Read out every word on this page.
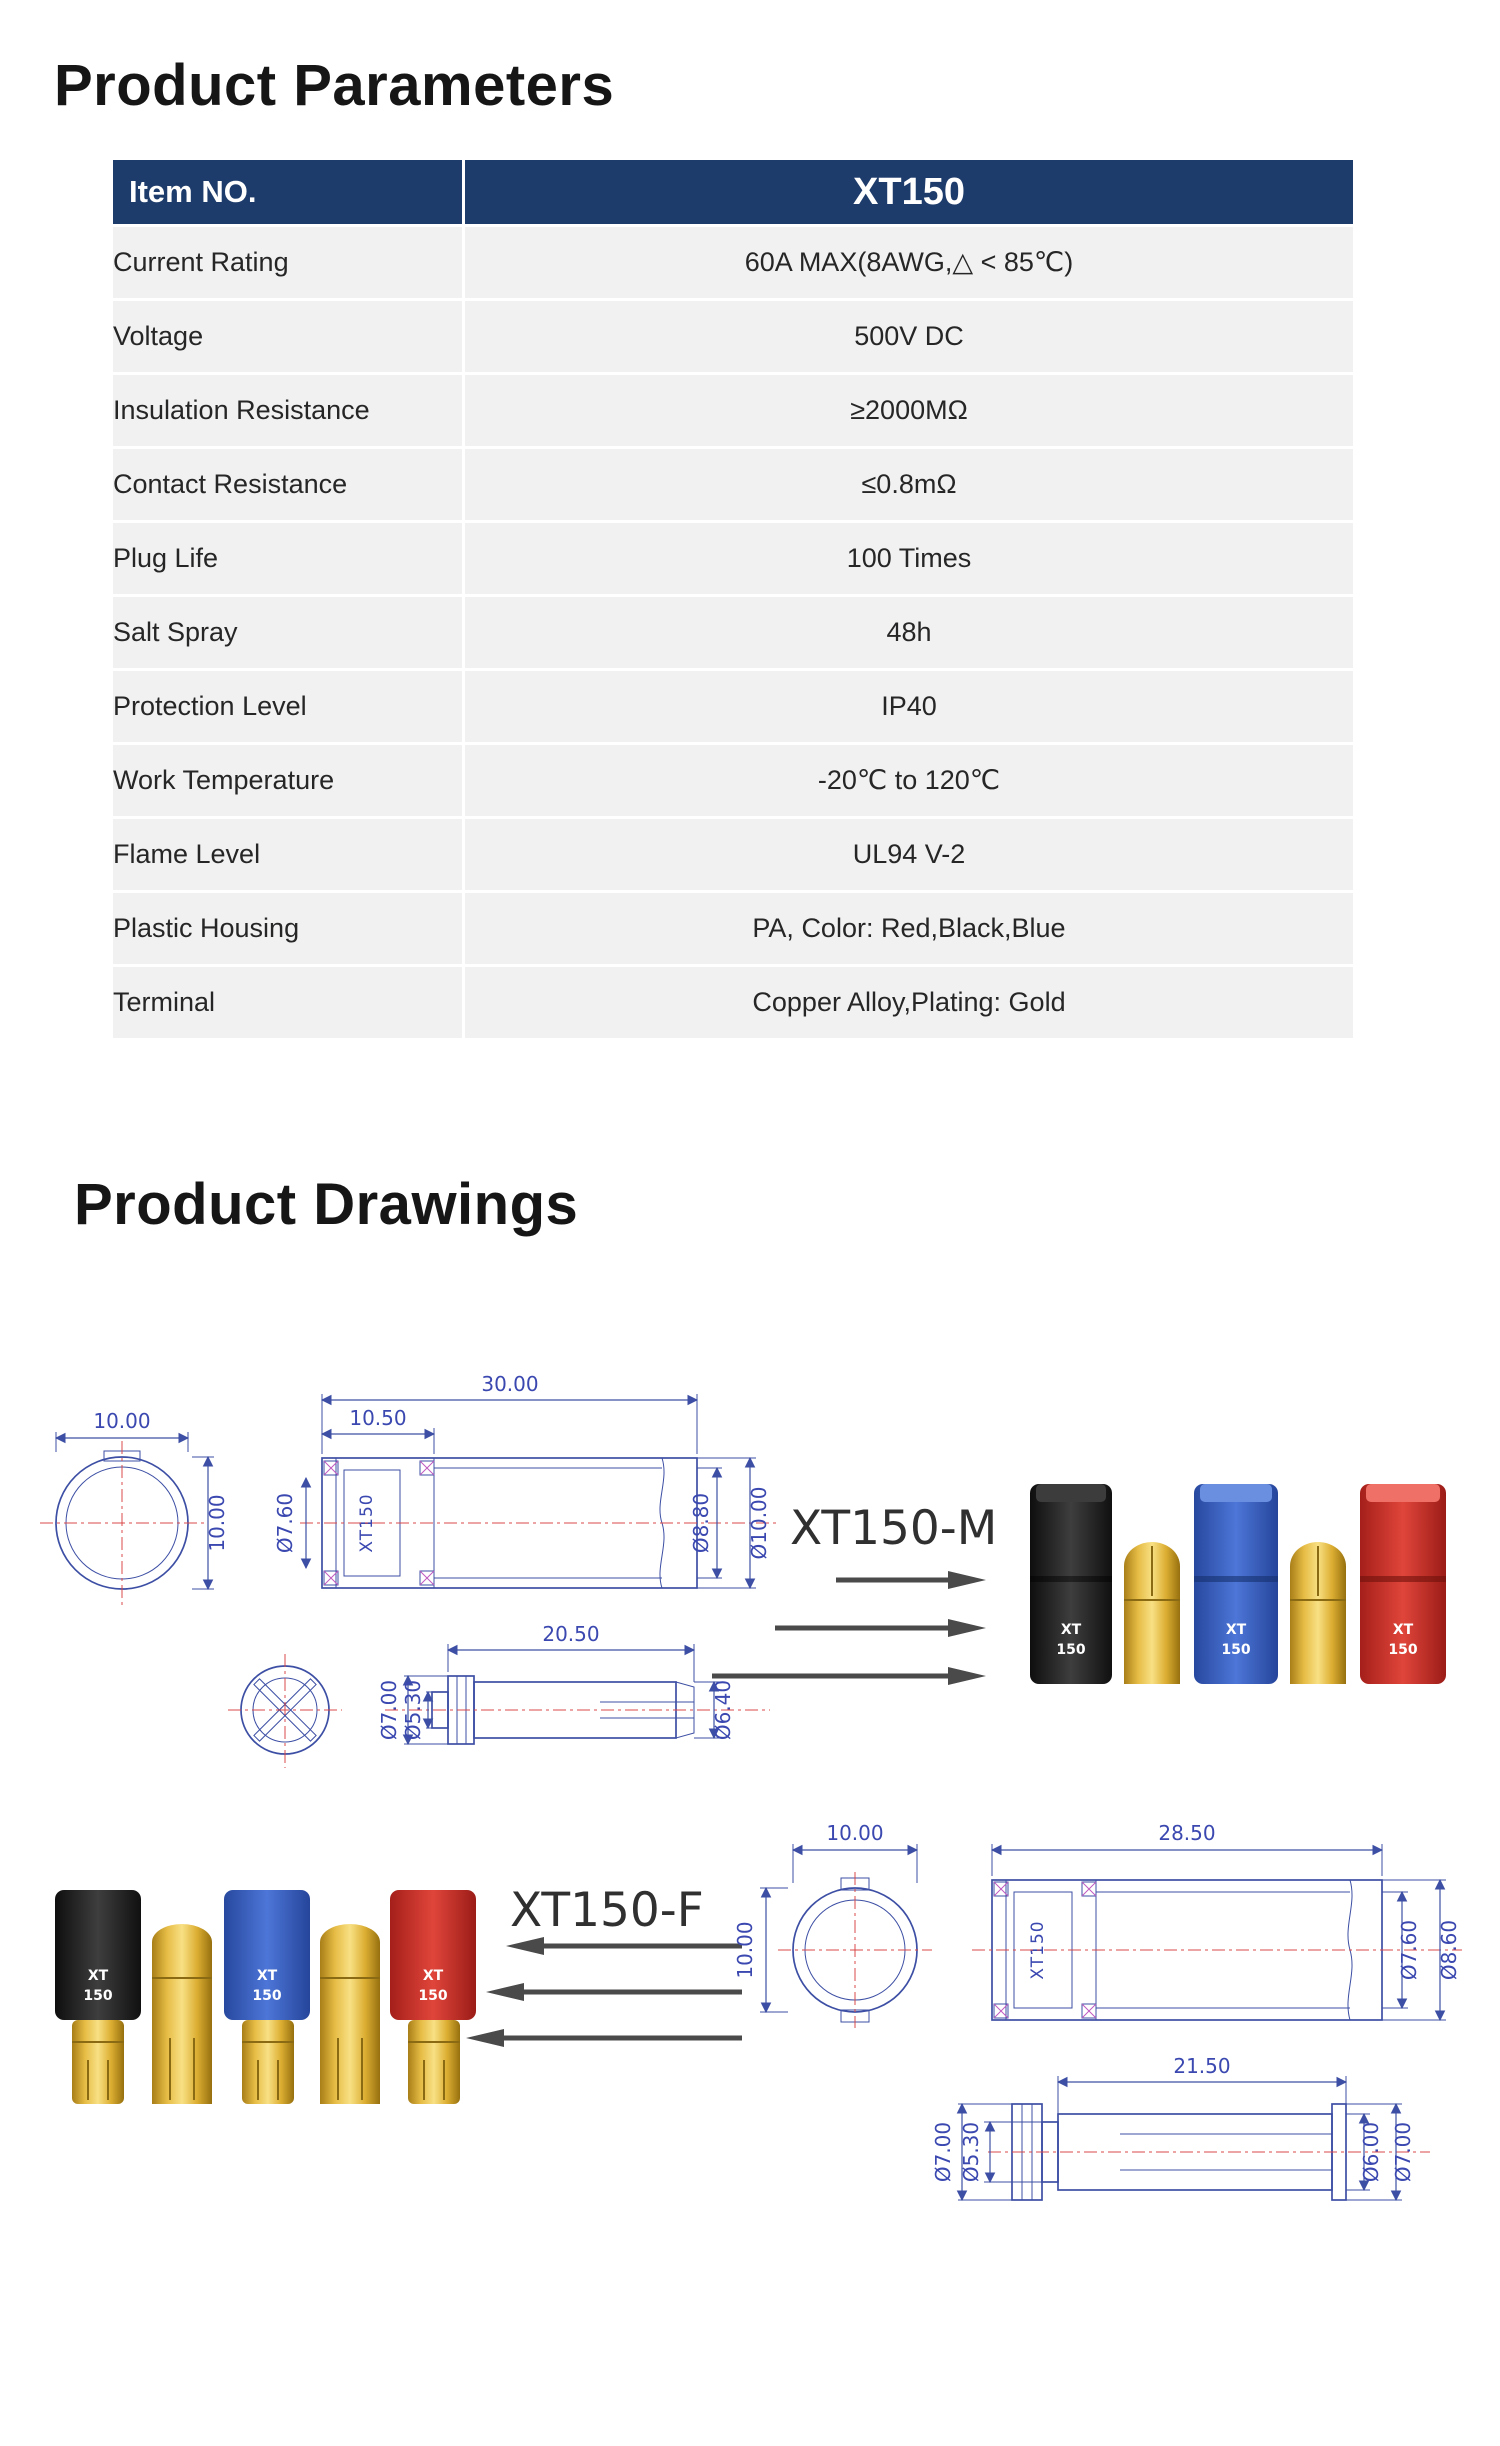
Product Parameters
Item NO.	XT150
Current Rating	60A MAX(8AWG,△ < 85℃)
Voltage	500V DC
Insulation Resistance	≥2000MΩ
Contact Resistance	≤0.8mΩ
Plug Life	100 Times
Salt Spray	48h
Protection Level	IP40
Work Temperature	-20℃ to 120℃
Flame Level	UL94 V-2
Plastic Housing	PA, Color: Red,Black,Blue
Terminal	Copper Alloy,Plating: Gold
Product Drawings
10.00
10.00	XT150
30.00
10.50
Ø7.60	Ø8.80 Ø10.00
20.50
Ø7.00 Ø5.30	Ø6.40
XT150-M
XT
150
XT
150
XT
150
XT
150
XT
150
XT
150
XT150-F
10.00
10.00	XT150
28.50
Ø7.60 Ø8.60
21.50
Ø7.00 Ø5.30	Ø6.00 Ø7.00
